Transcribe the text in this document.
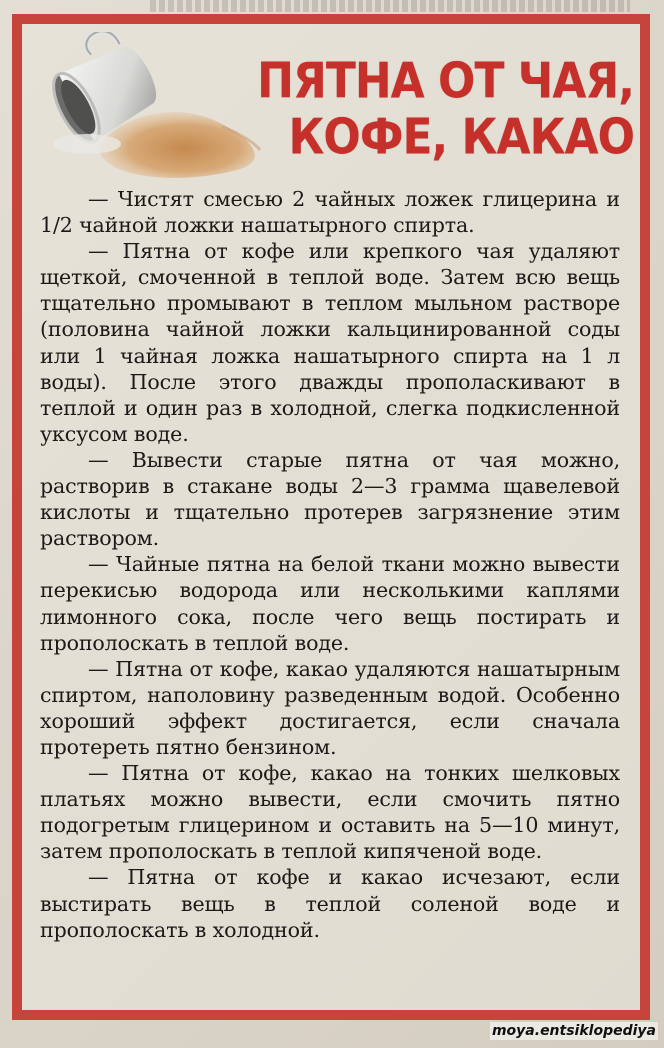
ПЯТНА ОТ ЧАЯ,
КОФЕ, КАКАО

— Чистят смесью 2 чайных ложек глицерина и 1/2 чайной ложки нашатырного спирта.

— Пятна от кофе или крепкого чая удаляют щеткой, смоченной в теплой воде. Затем всю вещь тщательно промывают в теплом мыльном растворе (половина чайной ложки кальцинированной соды или 1 чайная ложка нашатырного спирта на 1 л воды). После этого дважды прополаскивают в теплой и один раз в холодной, слегка подкисленной уксусом воде.

— Вывести старые пятна от чая можно, растворив в стакане воды 2—3 грамма щавелевой кислоты и тщательно протерев загрязнение этим раствором.

— Чайные пятна на белой ткани можно вывести перекисью водорода или несколькими каплями лимонного сока, после чего вещь постирать и прополоскать в теплой воде.

— Пятна от кофе, какао удаляются нашатырным спиртом, наполовину разведенным водой. Особенно хороший эффект достигается, если сначала протереть пятно бензином.

— Пятна от кофе, какао на тонких шелковых платьях можно вывести, если смочить пятно подогретым глицерином и оставить на 5—10 минут, затем прополоскать в теплой кипяченой воде.

— Пятна от кофе и какао исчезают, если выстирать вещь в теплой соленой воде и прополоскать в холодной.

moya.entsiklopediya
